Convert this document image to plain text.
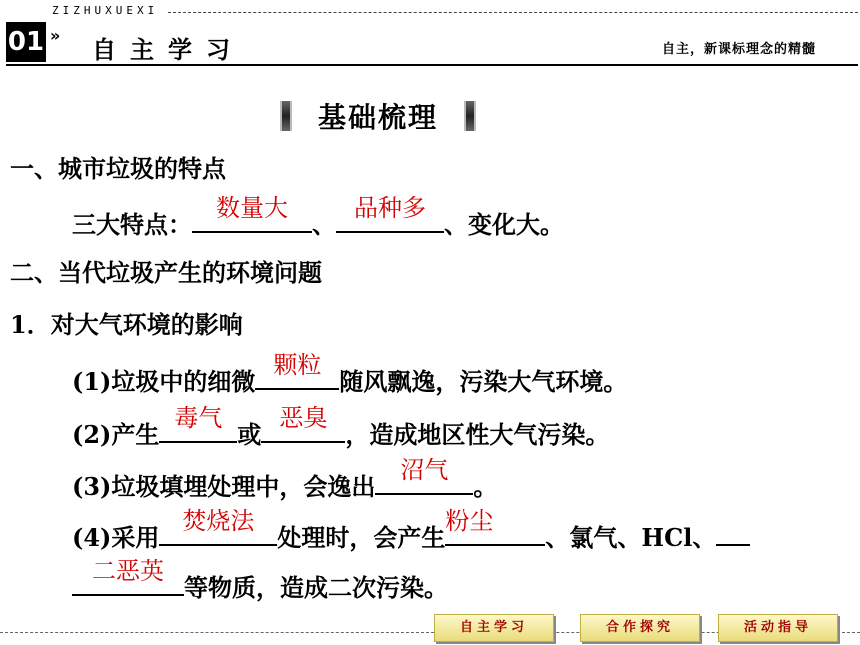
01
ZIZHUXUEXI
»
自主学习	自主，新课标理念的精髓
基础梳理
一、城市垃圾的特点
三大特点：
数量大
、
品种多
、变化大。
二、当代垃圾产生的环境问题
1．对大气环境的影响
(1)垃圾中的细微
颗粒
随风飘逸，污染大气环境。
(2)产生
毒气
或
恶臭
，造成地区性大气污染。
(3)垃圾填埋处理中，会逸出
沼气
。
(4)采用
焚烧法
处理时，会产生
粉尘
、氯气、HCl、
二恶英
等物质，造成二次污染。
自主学习	合作探究	活动指导
